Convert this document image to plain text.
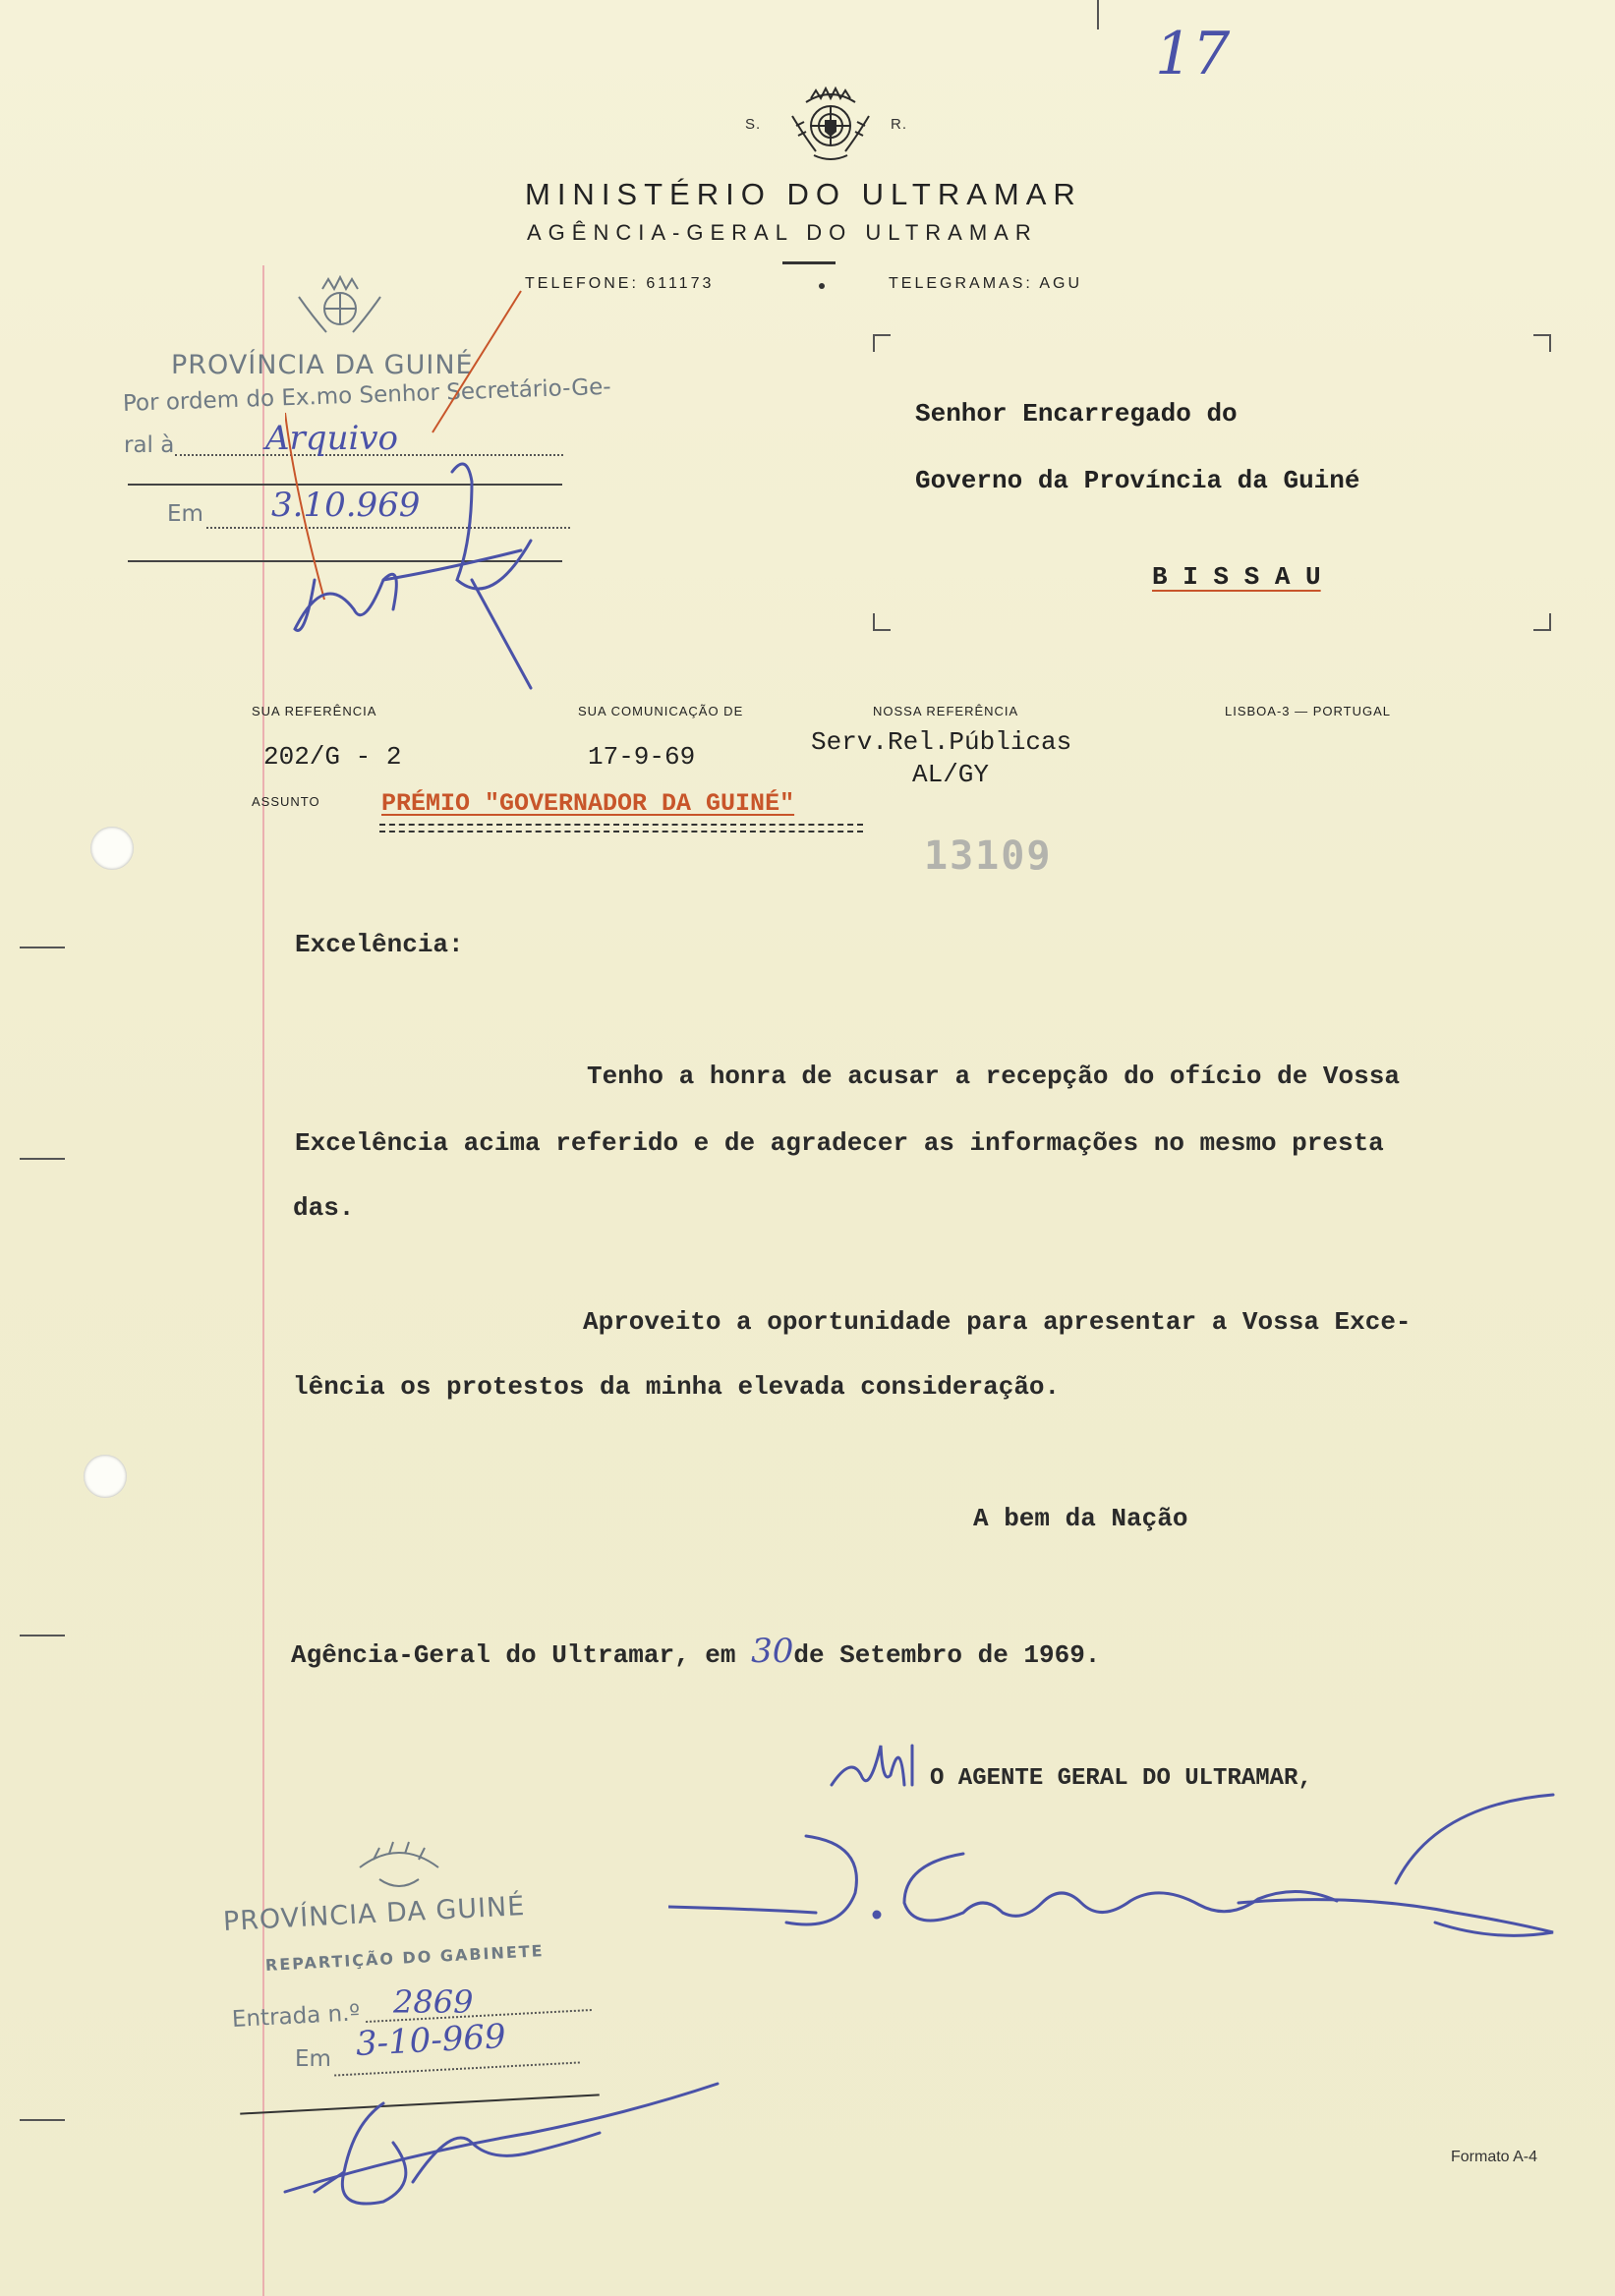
17
S.	R.
MINISTÉRIO DO ULTRAMAR
AGÊNCIA-GERAL DO ULTRAMAR
TELEFONE: 611173	TELEGRAMAS: AGU
PROVÍNCIA DA GUINÉ
Por ordem do Ex.mo Senhor Secretário-Ge-
ral à	Arquivo
Em 3.10.969
Senhor Encarregado do
Governo da Província da Guiné
B I S S A U
SUA REFERÊNCIA
202/G - 2
SUA COMUNICAÇÃO DE
17-9-69
NOSSA REFERÊNCIA
Serv.Rel.Públicas
AL/GY
LISBOA-3 — PORTUGAL
ASSUNTO PRÉMIO "GOVERNADOR DA GUINÉ"
13109
Excelência:
Tenho a honra de acusar a recepção do ofício de Vossa
Excelência acima referido e de agradecer as informações no mesmo presta
das.
Aproveito a oportunidade para apresentar a Vossa Exce-
lência os protestos da minha elevada consideração.
A bem da Nação
Agência-Geral do Ultramar, em 30de Setembro de 1969.
O AGENTE GERAL DO ULTRAMAR,
PROVÍNCIA DA GUINÉ
REPARTIÇÃO DO GABINETE
Entrada n.º 2869
Em 3-10-969
Formato A-4
